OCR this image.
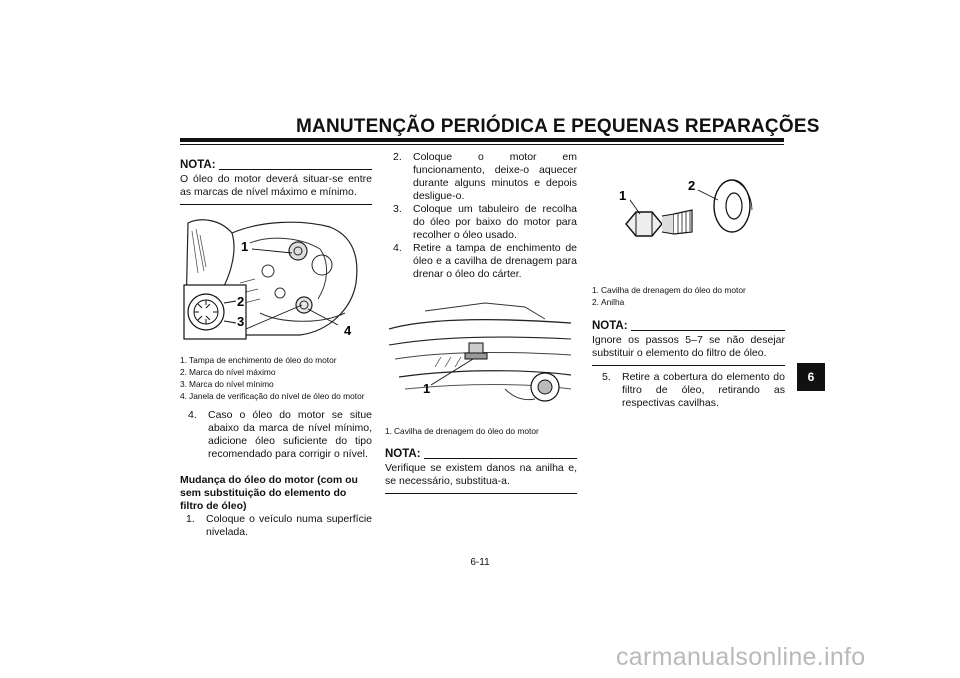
MANUTENÇÃO PERIÓDICA E PEQUENAS REPARAÇÕES
NOTA:
O óleo do motor deverá situar-se entre as marcas de nível máximo e mínimo.
1
2
3
4
1. Tampa de enchimento de óleo do motor
2. Marca do nível máximo
3. Marca do nível mínimo
4. Janela de verificação do nível de óleo do motor
4.	Caso o óleo do motor se situe abaixo da marca de nível mínimo, adicione óleo suficiente do tipo recomendado para corrigir o nível.
Mudança do óleo do motor (com ou sem substituição do elemento do filtro de óleo)
1.	Coloque o veículo numa superfície nivelada.
2.	Coloque o motor em funcionamento, deixe-o aquecer durante alguns minutos e depois desligue-o.
3.	Coloque um tabuleiro de recolha do óleo por baixo do motor para recolher o óleo usado.
4.	Retire a tampa de enchimento de óleo e a cavilha de drenagem para drenar o óleo do cárter.
1
1. Cavilha de drenagem do óleo do motor
NOTA:
Verifique se existem danos na anilha e, se necessário, substitua-a.
1
2
1. Cavilha de drenagem do óleo do motor
2. Anilha
NOTA:
Ignore os passos 5–7 se não desejar substituir o elemento do filtro de óleo.
5.	Retire a cobertura do elemento do filtro de óleo, retirando as respectivas cavilhas.
6
6-11
carmanualsonline.info
